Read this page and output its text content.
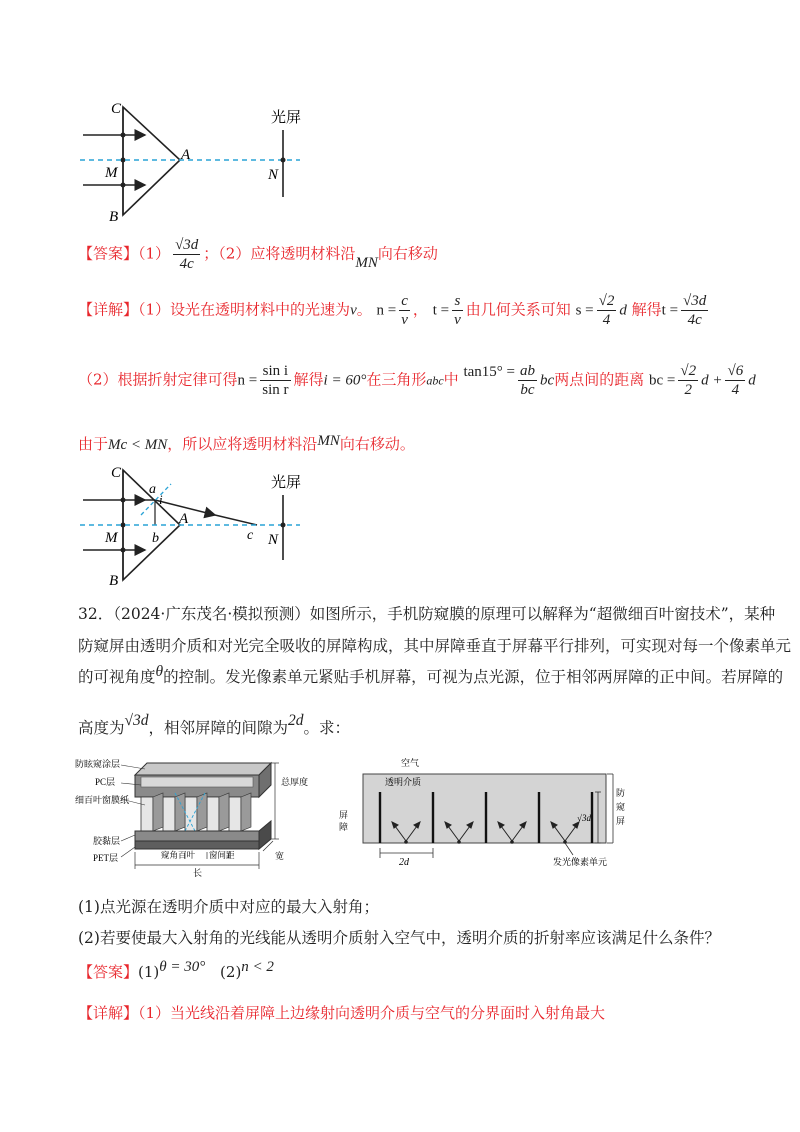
C
M
B
A
光屏
N
【答案】$(1) \frac{√3d}{4c}$ ；（2）应将透明材料沿MN向右移动
【详解】（1）设光在透明材料中的光速为v。 $n = \frac{c}{v}$ ， $t = \frac{s}{v}$ 由几何关系可知 $s = \frac{√2}{4}$ d 解得$t = \frac{√3d}{4c}$
（2）根据折射定律可得$n = \frac{\text{sin i}}{\text{sin r}}$ 解得i = 60°在三角形abc中 $\tan 15^\circ = \frac{ab}{bc}$ bc两点间的距离 bc = $\frac{√2}{2}$ $d + \frac{√6}{4}$ d
由于Mc < MN，所以应将透明材料沿MN向右移动。
C
a
i
A
M b	c N
B
光屏
32．（2024·广东茂名·模拟预测）如图所示，手机防窥膜的原理可以解释为“超微细百叶窗技术”，某种
防窥屏由透明介质和对光完全吸收的屏障构成，其中屏障垂直于屏幕平行排列，可实现对每一个像素单元
的可视角度θ的控制。发光像素单元紧贴手机屏幕，可视为点光源，位于相邻两屏障的正中间。若屏障的
高度为√3d，相邻屏障的间隙为2d。求：
防眩窥涂层
PC层
细百叶窗膜纸
胶黏层
PET层
总厚度
窥角百叶 窗间距
长
宽
空气
透明介质
屏
障
防
窥
屏
√3d
2d	发光像素单元
(1)点光源在透明介质中对应的最大入射角；
(2)若要使最大入射角的光线能从透明介质射入空气中，透明介质的折射率应该满足什么条件？
【答案】(1)θ = 30° (2)n < 2
【详解】（1）当光线沿着屏障上边缘射向透明介质与空气的分界面时入射角最大
